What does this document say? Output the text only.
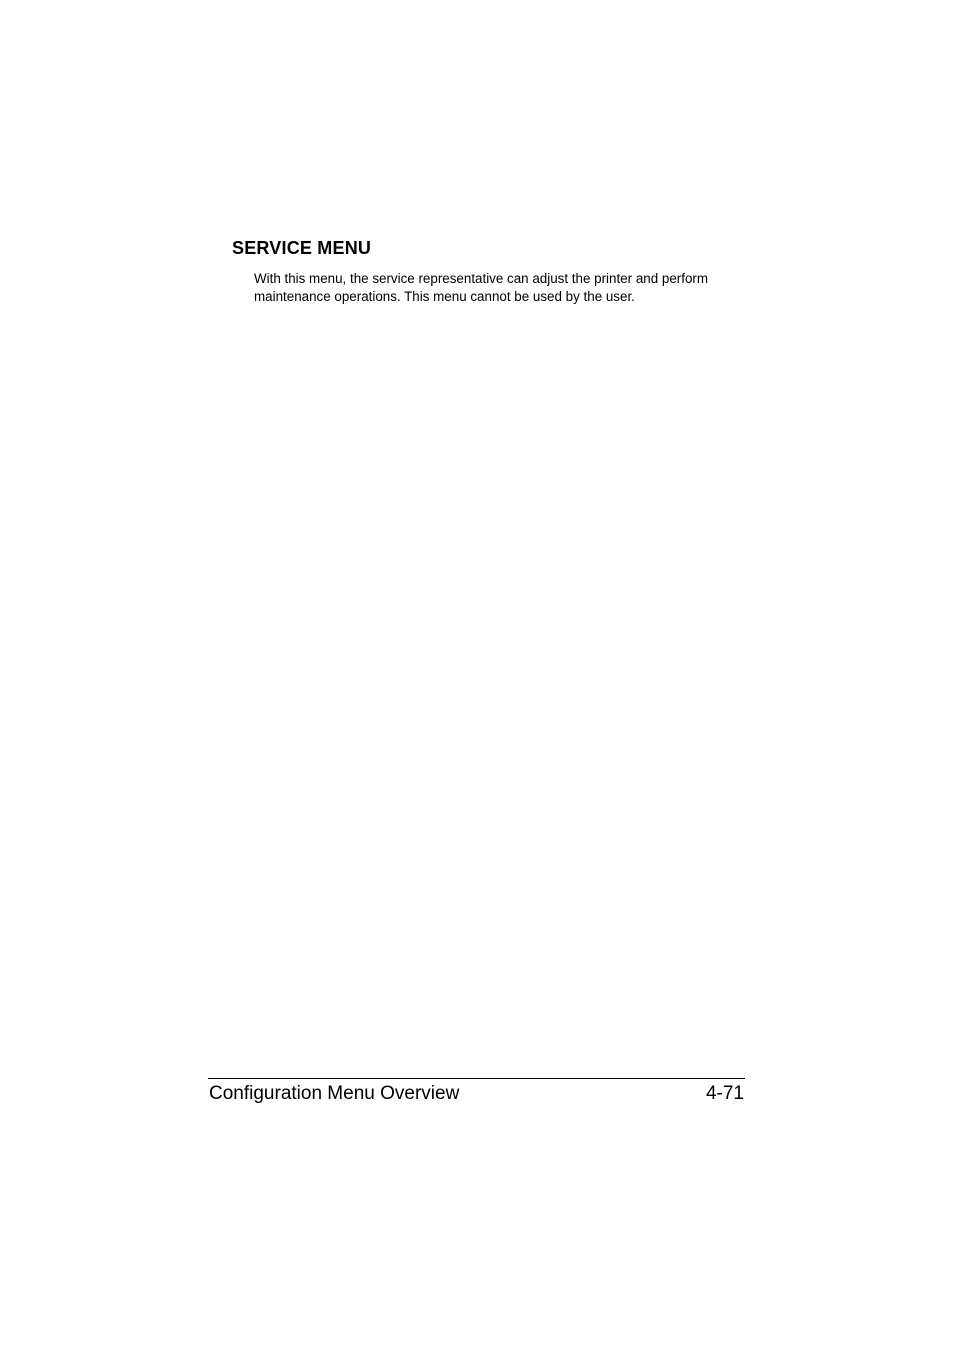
SERVICE MENU

With this menu, the service representative can adjust the printer and perform
maintenance operations. This menu cannot be used by the user.

Configuration Menu Overview	4-71
